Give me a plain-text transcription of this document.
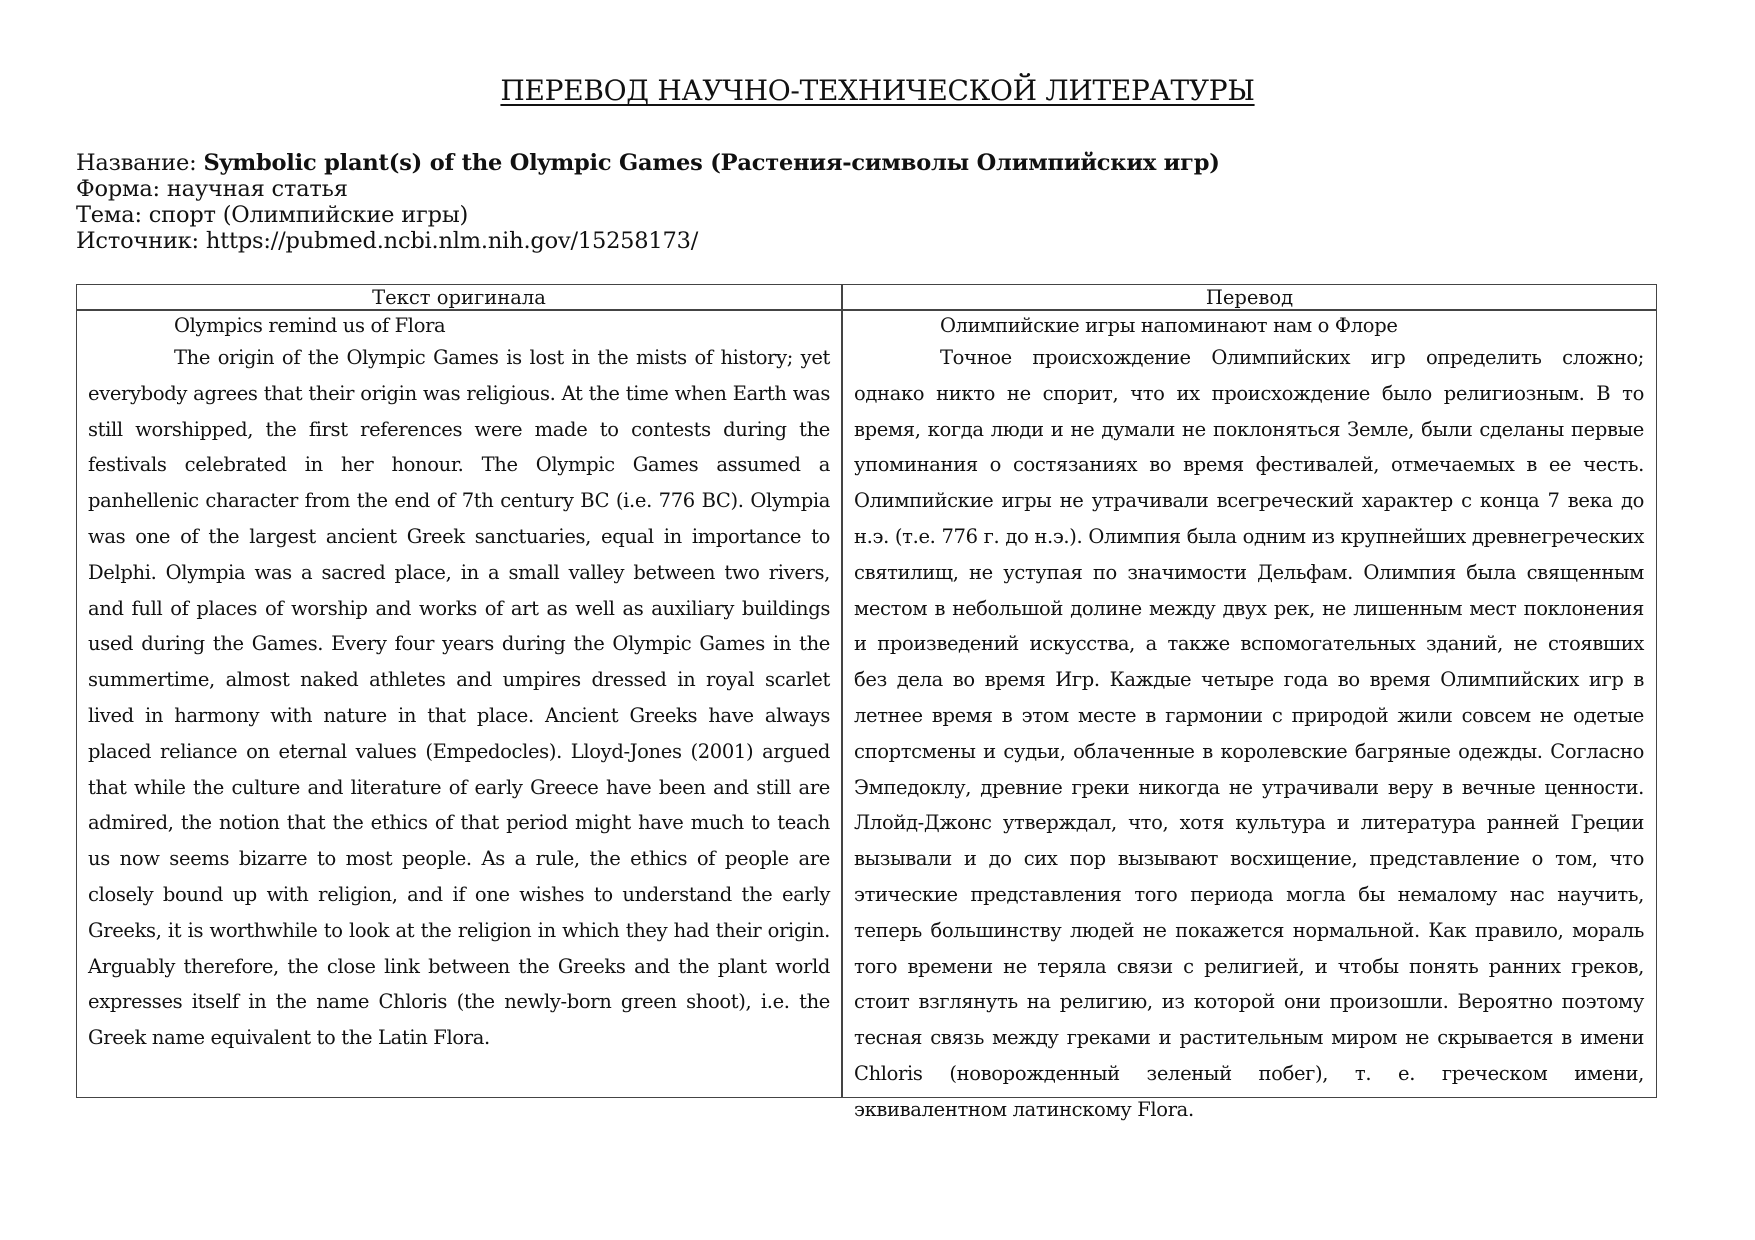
ПЕРЕВОД НАУЧНО-ТЕХНИЧЕСКОЙ ЛИТЕРАТУРЫ
Название: Symbolic plant(s) of the Olympic Games (Растения-символы Олимпийских игр)
Форма: научная статья
Тема: спорт (Олимпийские игры)
Источник: https://pubmed.ncbi.nlm.nih.gov/15258173/
Текст оригинала	Перевод

Olympics remind us of Flora

The origin of the Olympic Games is lost in the mists of history; yet everybody agrees that their origin was religious. At the time when Earth was still worshipped, the first references were made to contests during the festivals celebrated in her honour. The Olympic Games assumed a panhellenic character from the end of 7th century BC (i.e. 776 BC). Olympia was one of the largest ancient Greek sanctuaries, equal in importance to Delphi. Olympia was a sacred place, in a small valley between two rivers, and full of places of worship and works of art as well as auxiliary buildings used during the Games. Every four years during the Olympic Games in the summertime, almost naked athletes and umpires dressed in royal scarlet lived in harmony with nature in that place. Ancient Greeks have always placed reliance on eternal values (Empedocles). Lloyd-Jones (2001) argued that while the culture and literature of early Greece have been and still are admired, the notion that the ethics of that period might have much to teach us now seems bizarre to most people. As a rule, the ethics of people are closely bound up with religion, and if one wishes to understand the early Greeks, it is worthwhile to look at the religion in which they had their origin. Arguably therefore, the close link between the Greeks and the plant world expresses itself in the name Chloris (the newly-born green shoot), i.e. the Greek name equivalent to the Latin Flora.

Олимпийские игры напоминают нам о Флоре

Точное происхождение Олимпийских игр определить сложно; однако никто не спорит, что их происхождение было религиозным. В то время, когда люди и не думали не поклоняться Земле, были сделаны первые упоминания о состязаниях во время фестивалей, отмечаемых в ее честь. Олимпийские игры не утрачивали всегреческий характер с конца 7 века до н.э. (т.е. 776 г. до н.э.). Олимпия была одним из крупнейших древнегреческих святилищ, не уступая по значимости Дельфам. Олимпия была священным местом в небольшой долине между двух рек, не лишенным мест поклонения и произведений искусства, а также вспомогательных зданий, не стоявших без дела во время Игр. Каждые четыре года во время Олимпийских игр в летнее время в этом месте в гармонии с природой жили совсем не одетые спортсмены и судьи, облаченные в королевские багряные одежды. Согласно Эмпедоклу, древние греки никогда не утрачивали веру в вечные ценности. Ллойд-Джонс утверждал, что, хотя культура и литература ранней Греции вызывали и до сих пор вызывают восхищение, представление о том, что этические представления того периода могла бы немалому нас научить, теперь большинству людей не покажется нормальной. Как правило, мораль того времени не теряла связи с религией, и чтобы понять ранних греков, стоит взглянуть на религию, из которой они произошли. Вероятно поэтому тесная связь между греками и растительным миром не скрывается в имени Chloris (новорожденный зеленый побег), т. е. греческом имени, эквивалентном латинскому Flora.
